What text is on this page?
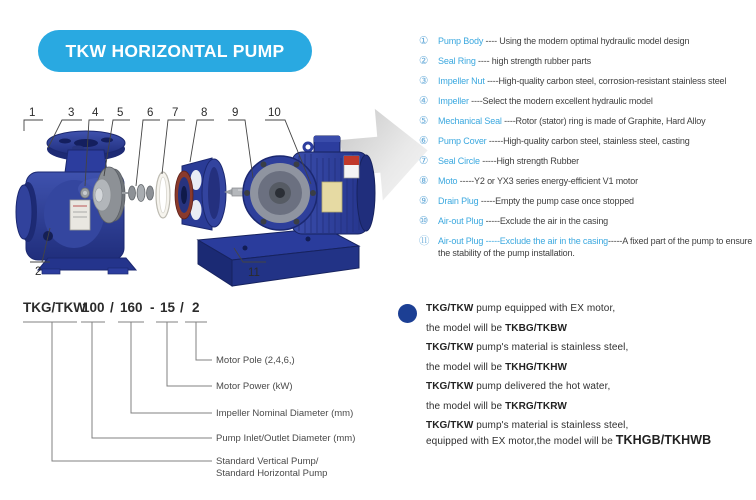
TKW HORIZONTAL PUMP
1	3 4 5 6 7 8 9	10
2	11
①	Pump Body ---- Using the modern optimal hydraulic model design
②	Seal Ring ---- high strength rubber parts
③	Impeller Nut ----High-quality carbon steel, corrosion-resistant stainless steel
④	Impeller ----Select the modern excellent hydraulic model
⑤	Mechanical Seal ----Rotor (stator) ring is made of Graphite, Hard Alloy
⑥	Pump Cover -----High-quality carbon steel, stainless steel, casting
⑦	Seal Circle -----High strength Rubber
⑧	Moto -----Y2 or YX3 series energy-efficient V1 motor
⑨	Drain Plug -----Empty the pump case once stopped
⑩	Air-out Plug -----Exclude the air in the casing
⑪ Air-out Plug -----Exclude the air in the casing-----A fixed part of the pump to ensure the stability of the pump installation.
TKG/TKW
100 / 160 - 15 / 2
Motor Pole (2,4,6,)
Motor Power (kW)
Impeller Nominal Diameter (mm)
Pump Inlet/Outlet Diameter (mm)
Standard Vertical Pump/
Standard Horizontal Pump
TKG/TKW pump equipped with EX motor,
the model will be TKBG/TKBW
TKG/TKW pump's material is stainless steel,
the model will be TKHG/TKHW
TKG/TKW pump delivered the hot water,
the model will be TKRG/TKRW
TKG/TKW pump's material is stainless steel,
equipped with EX motor,the model will be TKHGB/TKHWB
